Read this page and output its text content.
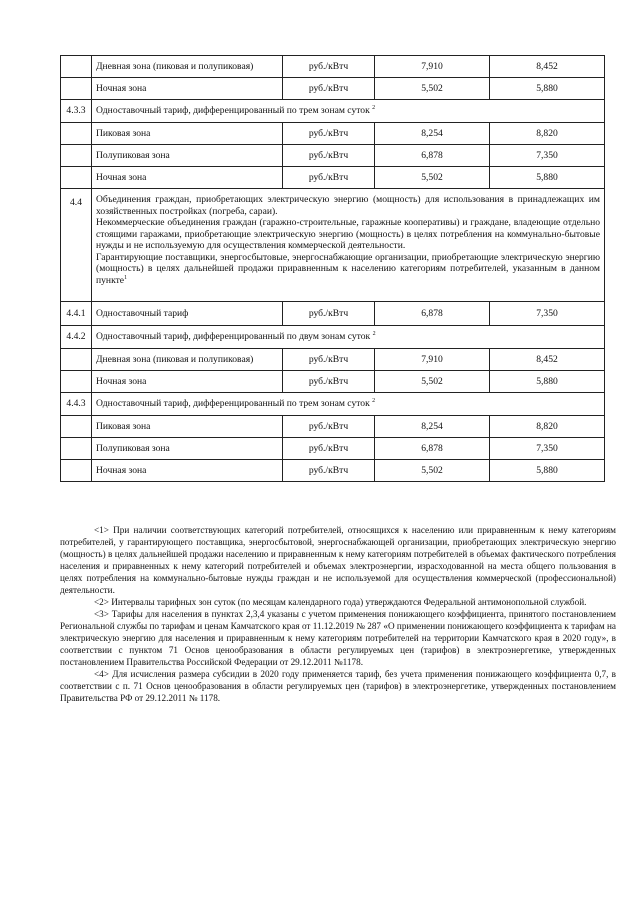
	Дневная зона (пиковая и полупиковая)	руб./кВтч	7,910	8,452
	Ночная зона	руб./кВтч	5,502	5,880
4.3.3	Одноставочный тариф, дифференцированный по трем зонам суток $^2$
	Пиковая зона	руб./кВтч	8,254	8,820
	Полупиковая зона	руб./кВтч	6,878	7,350
	Ночная зона	руб./кВтч	5,502	5,880
4.4	Объединения граждан, приобретающих электрическую энергию (мощность) для использования в принадлежащих им хозяйственных постройках (погреба, сараи).
Некоммерческие объединения граждан (гаражно-строительные, гаражные кооперативы) и граждане, владеющие отдельно стоящими гаражами, приобретающие электрическую энергию (мощность) в целях потребления на коммунально-бытовые нужды и не используемую для осуществления коммерческой деятельности.
Гарантирующие поставщики, энергосбытовые, энергоснабжающие организации, приобретающие электрическую энергию (мощность) в целях дальнейшей продажи приравненным к населению категориям потребителей, указанным в данном пункте$^1$

4.4.1	Одноставочный тариф	руб./кВтч	6,878	7,350
4.4.2	Одноставочный тариф, дифференцированный по двум зонам суток $^2$
	Дневная зона (пиковая и полупиковая)	руб./кВтч	7,910	8,452
	Ночная зона	руб./кВтч	5,502	5,880
4.4.3	Одноставочный тариф, дифференцированный по трем зонам суток $^2$
	Пиковая зона	руб./кВтч	8,254	8,820
	Полупиковая зона	руб./кВтч	6,878	7,350
	Ночная зона	руб./кВтч	5,502	5,880

<1> При наличии соответствующих категорий потребителей, относящихся к населению или приравненным к нему категориям потребителей, у гарантирующего поставщика, энергосбытовой, энергоснабжающей организации, приобретающих электрическую энергию (мощность) в целях дальнейшей продажи населению и приравненным к нему категориям потребителей в объемах фактического потребления населения и приравненных к нему категорий потребителей и объемах электроэнергии, израсходованной на места общего пользования в целях потребления на коммунально-бытовые нужды граждан и не используемой для осуществления коммерческой (профессиональной) деятельности.

<2> Интервалы тарифных зон суток (по месяцам календарного года) утверждаются Федеральной антимонопольной службой.

<3> Тарифы для населения в пунктах 2,3,4 указаны с учетом применения понижающего коэффициента, принятого постановлением Региональной службы по тарифам и ценам Камчатского края от 11.12.2019 № 287 «О применении понижающего коэффициента к тарифам на электрическую энергию для населения и приравненным к нему категориям потребителей на территории Камчатского края в 2020 году», в соответствии с пунктом 71 Основ ценообразования в области регулируемых цен (тарифов) в электроэнергетике, утвержденных постановлением Правительства Российской Федерации от 29.12.2011 №1178.

<4> Для исчисления размера субсидии в 2020 году применяется тариф, без учета применения понижающего коэффициента 0,7, в соответствии с п. 71 Основ ценообразования в области регулируемых цен (тарифов) в электроэнергетике, утвержденных постановлением Правительства РФ от 29.12.2011 № 1178.
